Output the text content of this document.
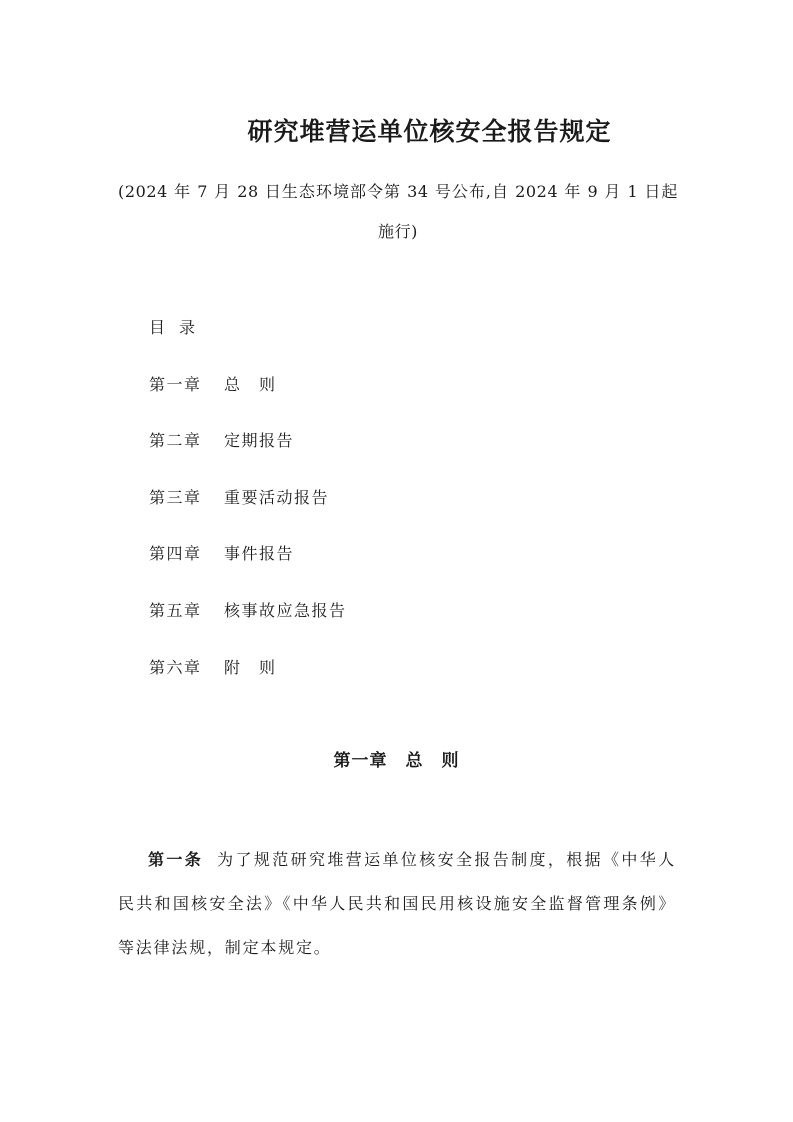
研究堆营运单位核安全报告规定
(2024 年 7 月 28 日生态环境部令第 34 号公布,自 2024 年 9 月 1 日起施行)
目录
第一章 总　则
第二章 定期报告
第三章 重要活动报告
第四章 事件报告
第五章 核事故应急报告
第六章 附　则
第一章 总　则
第一条 为了规范研究堆营运单位核安全报告制度，根据《中华人民共和国核安全法》《中华人民共和国民用核设施安全监督管理条例》等法律法规，制定本规定。
